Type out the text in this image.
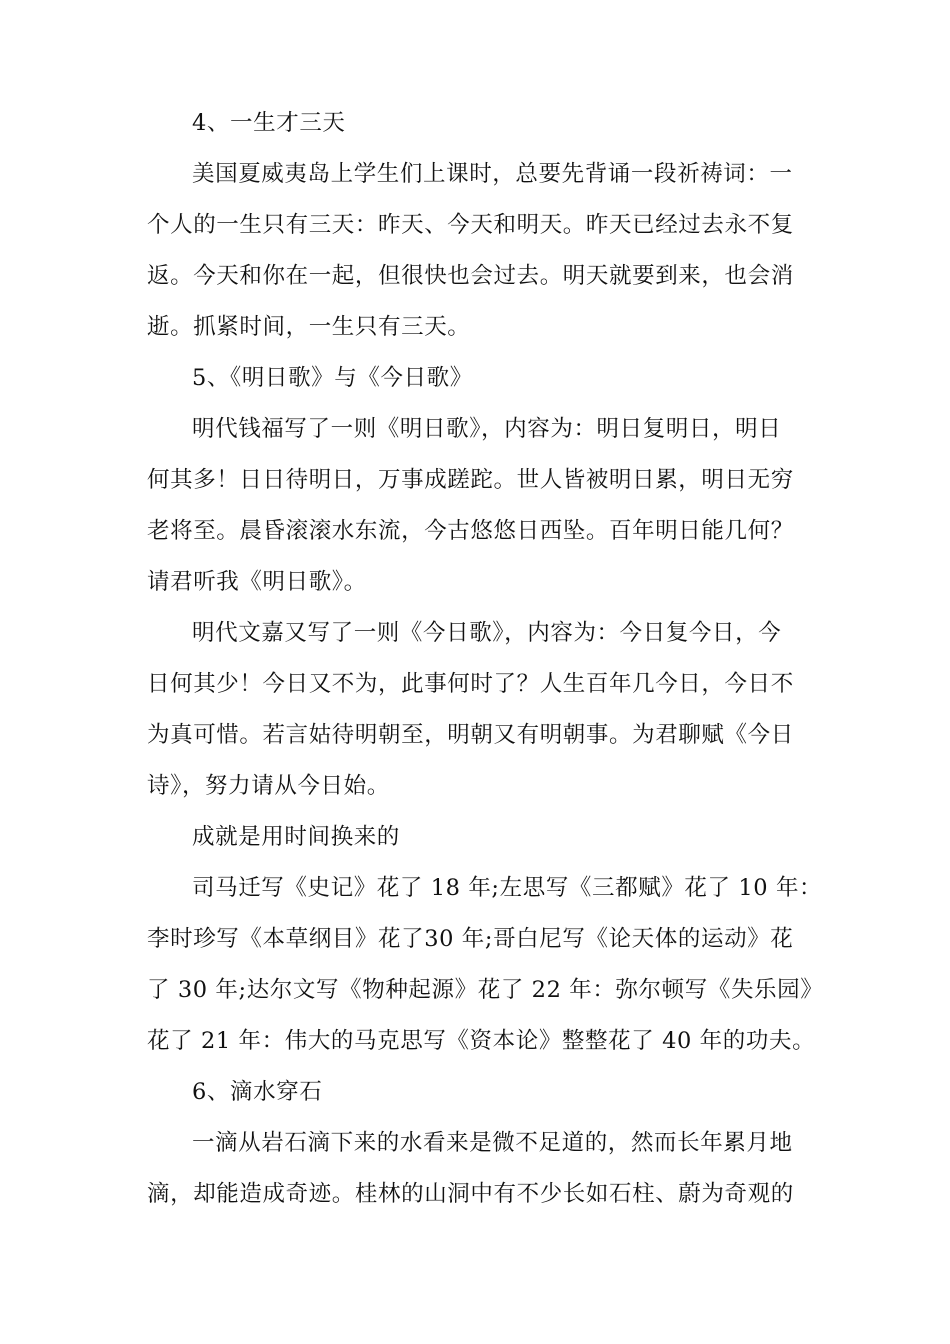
4、一生才三天
美国夏威夷岛上学生们上课时，总要先背诵一段祈祷词：一
个人的一生只有三天：昨天、今天和明天。昨天已经过去永不复
返。今天和你在一起，但很快也会过去。明天就要到来，也会消
逝。抓紧时间，一生只有三天。
5、《明日歌》与《今日歌》
明代钱福写了一则《明日歌》，内容为：明日复明日，明日
何其多！日日待明日，万事成蹉跎。世人皆被明日累，明日无穷
老将至。晨昏滚滚水东流，今古悠悠日西坠。百年明日能几何？
请君听我《明日歌》。
明代文嘉又写了一则《今日歌》，内容为：今日复今日，今
日何其少！今日又不为，此事何时了？人生百年几今日，今日不
为真可惜。若言姑待明朝至，明朝又有明朝事。为君聊赋《今日
诗》，努力请从今日始。
成就是用时间换来的
司马迁写《史记》花了 18 年;左思写《三都赋》花了 10 年：
李时珍写《本草纲目》花了30 年;哥白尼写《论天体的运动》花
了 30 年;达尔文写《物种起源》花了 22 年：弥尔顿写《失乐园》
花了 21 年：伟大的马克思写《资本论》整整花了 40 年的功夫。
6、滴水穿石
一滴从岩石滴下来的水看来是微不足道的，然而长年累月地
滴，却能造成奇迹。桂林的山洞中有不少长如石柱、蔚为奇观的
